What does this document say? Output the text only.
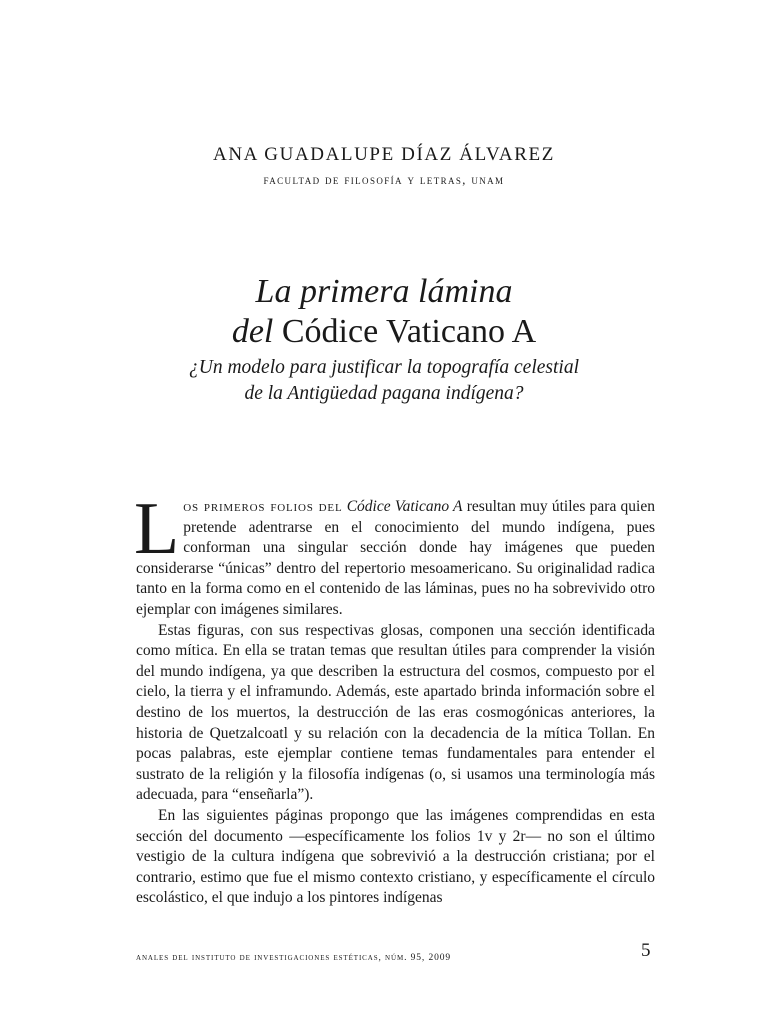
ANA GUADALUPE DÍAZ ÁLVAREZ
facultad de filosofía y letras, unam
La primera lámina
del Códice Vaticano A
¿Un modelo para justificar la topografía celestial
de la Antigüedad pagana indígena?

Los primeros folios del Códice Vaticano A resultan muy útiles para quien pretende adentrarse en el conocimiento del mundo indígena, pues conforman una singular sección donde hay imágenes que pueden considerarse “únicas” dentro del repertorio mesoamericano. Su originalidad radica tanto en la forma como en el contenido de las láminas, pues no ha sobrevivido otro ejemplar con imágenes similares.

Estas figuras, con sus respectivas glosas, componen una sección identificada como mítica. En ella se tratan temas que resultan útiles para comprender la visión del mundo indígena, ya que describen la estructura del cosmos, compuesto por el cielo, la tierra y el inframundo. Además, este apartado brinda información sobre el destino de los muertos, la destrucción de las eras cosmogónicas anteriores, la historia de Quetzalcoatl y su relación con la decadencia de la mítica Tollan. En pocas palabras, este ejemplar contiene temas fundamentales para entender el sustrato de la religión y la filosofía indígenas (o, si usamos una terminología más adecuada, para “enseñarla”).

En las siguientes páginas propongo que las imágenes comprendidas en esta sección del documento —específicamente los folios 1v y 2r— no son el último vestigio de la cultura indígena que sobrevivió a la destrucción cristiana; por el contrario, estimo que fue el mismo contexto cristiano, y específicamente el círculo escolástico, el que indujo a los pintores indígenas

anales del instituto de investigaciones estéticas, núm. 95, 2009	5
